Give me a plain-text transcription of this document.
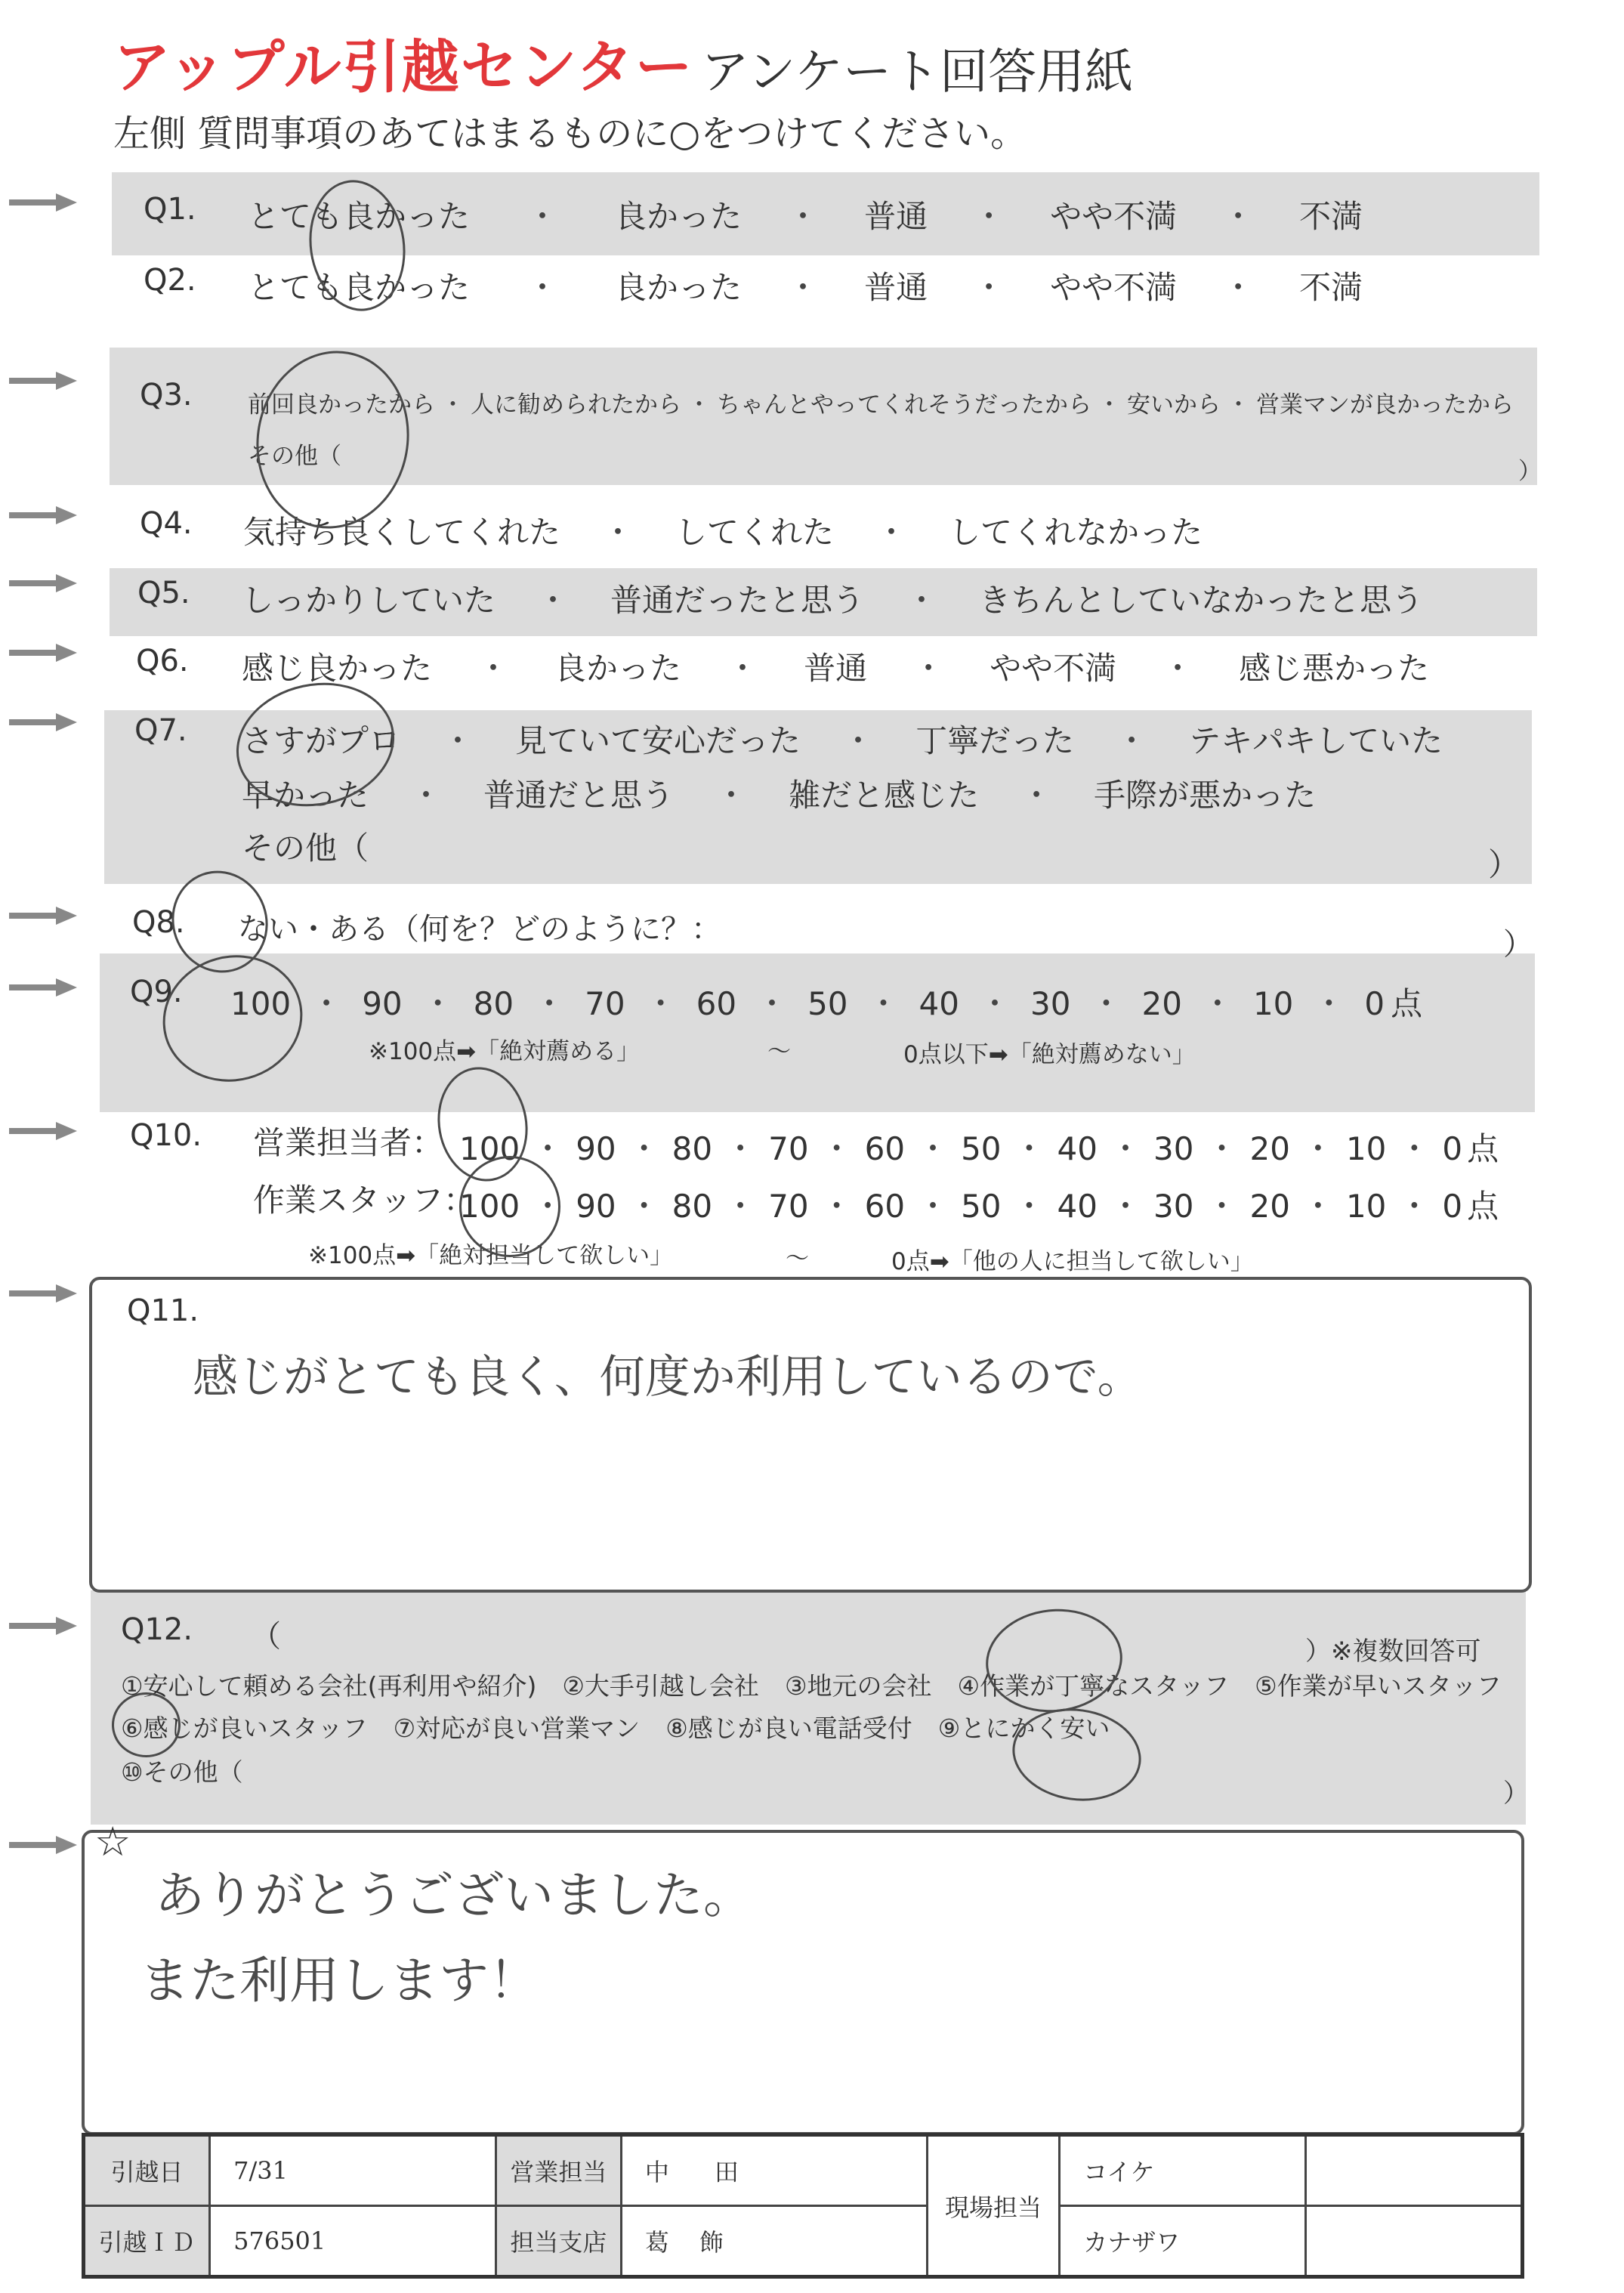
アップル引越センター アンケート回答用紙
左側 質問事項のあてはまるものに○をつけてください。
Q1. とても良かった ・ 良かった ・ 普通 ・ やや不満 ・ 不満
Q2. とても良かった ・ 良かった ・ 普通 ・ やや不満 ・ 不満
Q3. 前回良かったから ・ 人に勧められたから ・ ちゃんとやってくれそうだったから ・ 安いから ・ 営業マンが良かったから
その他（
）
Q4. 気持ち良くしてくれた ・ してくれた ・ してくれなかった
Q5. しっかりしていた ・ 普通だったと思う ・ きちんとしていなかったと思う
Q6. 感じ良かった ・ 良かった ・ 普通 ・ やや不満 ・ 感じ悪かった
Q7. さすがプロ ・ 見ていて安心だった ・ 丁寧だった ・ テキパキしていた
早かった ・ 普通だと思う ・ 雑だと感じた ・ 手際が悪かった
その他（	）
Q8. ない・ある（何を？どのように？：	）
Q9. 100 ・ 90 ・ 80 ・ 70 ・ 60 ・ 50 ・ 40 ・ 30 ・ 20 ・ 10 ・ 0 点
※100点➡「絶対薦める」	～	0点以下➡「絶対薦めない」
Q10. 営業担当者： 100 ・ 90 ・ 80 ・ 70 ・ 60 ・ 50 ・ 40 ・ 30 ・ 20 ・ 10 ・ 0 点
作業スタッフ：
100 ・ 90 ・ 80 ・ 70 ・ 60 ・ 50 ・ 40 ・ 30 ・ 20 ・ 10 ・ 0 点
※100点➡「絶対担当して欲しい」	～	0点➡「他の人に担当して欲しい」
Q11.
感じがとても良く、何度か利用しているので。
Q12. （	）※複数回答可
①安心して頼める会社(再利用や紹介) ②大手引越し会社 ③地元の会社 ④作業が丁寧なスタッフ ⑤作業が早いスタッフ
⑥感じが良いスタッフ ⑦対応が良い営業マン ⑧感じが良い電話受付 ⑨とにかく安い
⑩その他（
）
☆
ありがとうございました。
また利用します！
引越日	7/31	営業担当	中田	現場担当	コイケ	
引越ＩＤ	576501	担当支店	葛飾		カナザワ	
